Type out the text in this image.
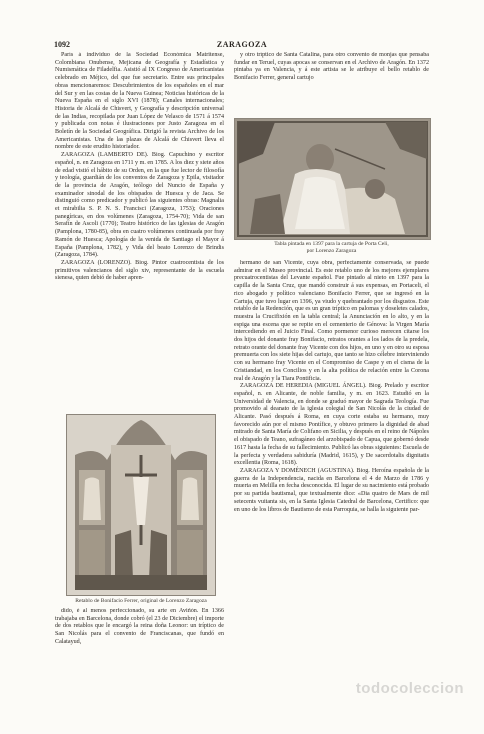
1092	ZARAGOZA

París á individuo de la Sociedad Económica Matritense, Colombiana Onubense, Mejicana de Geografía y Estadística y Numismática de Filadelfia. Asistió al IX Congreso de Americanistas celebrado en Méjico, del que fue secretario. Entre sus principales obras mencionaremos: Descubrimientos de los españoles en el mar del Sur y en las costas de la Nueva Guinea; Noticias históricas de la Nueva España en el siglo XVI (1878); Canales internacionales; Historia de Alcalá de Chisvert, y Geografía y descripción universal de las Indias, recopilada por Juan López de Velasco de 1571 á 1574 y publicada con notas é ilustraciones por Justo Zaragoza en el Boletín de la Sociedad Geográfica. Dirigió la revista Archivo de los Americanistas. Una de las plazas de Alcalá de Chisvert lleva el nombre de este erudito historiador.

ZARAGOZA (LAMBERTO DE). Biog. Capuchino y escritor español, n. en Zaragoza en 1711 y m. en 1785. A los diez y siete años de edad vistió el hábito de su Orden, en la que fue lector de filosofía y teología, guardián de los conventos de Zaragoza y Epila, visitador de la provincia de Aragón, teólogo del Nuncio de España y examinador sinodal de los obispados de Huesca y de Jaca. Se distinguió como predicador y publicó las siguientes obras: Magnalia et mirabilia S. P. N. S. Francisci (Zaragoza, 1753); Oraciones panegíricas, en dos volúmenes (Zaragoza, 1754-70); Vida de san Serafín de Ascoli (1770); Teatro histórico de las iglesias de Aragón (Pamplona, 1780-85), obra en cuatro volúmenes continuada por fray Ramón de Huesca; Apología de la venida de Santiago el Mayor á España (Pamplona, 1782), y Vida del beato Lorenzo de Brindis (Zaragoza, 1784).

ZARAGOZA (LORENZO). Biog. Pintor cuatrocentista de los primitivos valencianos del siglo xiv, representante de la escuela sienesa, quien debió de haber apren-

y otro tríptico de Santa Catalina, para otro convento de monjas que pensaba fundar en Teruel, cuyas apocas se conservan en el Archivo de Aragón. En 1372 pintaba ya en Valencia, y á este artista se le atribuye el bello retablo de Bonifacio Ferrer, general cartujo

Tabla pintada en 1397 para la cartuja de Porta Celi,
por Lorenzo Zaragoza

hermano de san Vicente, cuya obra, perfectamente conservada, se puede admirar en el Museo provincial. Es este retablo uno de los mejores ejemplares precuatrocentistas del Levante español. Fue pintado al nieto en 1397 para la capilla de la Santa Cruz, que mandó construir á sus expensas, en Portaceli, el rico abogado y político valenciano Bonifacio Ferrer, que se ingresó en la Cartuja, que tuvo lugar en 1396, ya viudo y quebrantado por los disgustos. Este retablo de la Redención, que es un gran tríptico en palomas y doseletes calados, muestra la Crucifixión en la tabla central; la Anunciación en lo alto, y en la espiga una escena que se repite en el cementerio de Génova: la Virgen María intercediendo en el Juicio Final. Como pormenor curioso merecen citarse los dos hijos del donante fray Bonifacio, retratos orantes a los lados de la predela, retrato orante del donante fray Vicente con dos hijos, en uno y en otro su esposa premuerta con los siete hijas del cartujo, que tanto se hizo célebre interviniendo con su hermano fray Vicente en el Compromiso de Caspe y en el cisma de la Cristiandad, en los Concilios y en la alta política de relación entre la Corona real de Aragón y la Tiara Pontificia.

ZARAGOZA DE HEREDIA (MIGUEL ÁNGEL). Biog. Prelado y escritor español, n. en Alicante, de noble familia, y m. en 1623. Estudió en la Universidad de Valencia, en donde se graduó mayor de Sagrada Teología. Fue promovido al deanato de la iglesia colegial de San Nicolás de la ciudad de Alicante. Pasó después á Roma, en cuya corte estaba su hermano, muy favorecido aún por el mismo Pontífice, y obtuvo primero la dignidad de abad mitrado de Santa María de Colifano en Sicilia, y después en el reino de Nápoles el obispado de Teano, sufragáneo del arzobispado de Capua, que gobernó desde 1617 hasta la fecha de su fallecimiento. Publicó las obras siguientes: Escuela de la perfecta y verdadera sabiduría (Madrid, 1615), y De sacerdotalis dignitatis excellentia (Roma, 1618).

ZARAGOZA Y DOMÉNECH (AGUSTINA). Biog. Heroína española de la guerra de la Independencia, nacida en Barcelona el 4 de Marzo de 1786 y muerta en Melilla en fecha desconocida. El lugar de su nacimiento está probado por su partida bautismal, que textualmente dice: «Dia quatro de Mars de mil setecents vuitanta sis, en la Santa Iglesia Catedral de Barcelona, Certifico: que en uno de los libros de Bautismo de esta Parroquia, se halla la siguiente par-

Retablo de Bonifacio Ferrer, original de Lorenzo Zaragoza

dido, é al menos perfeccionado, su arte en Aviñón. En 1366 trabajaba en Barcelona, donde cobró (el 23 de Diciembre) el importe de dos retablos que le encargó la reina doña Leonor: un tríptico de San Nicolás para el convento de Franciscanas, que fundó en Calatayud,

todocoleccion
